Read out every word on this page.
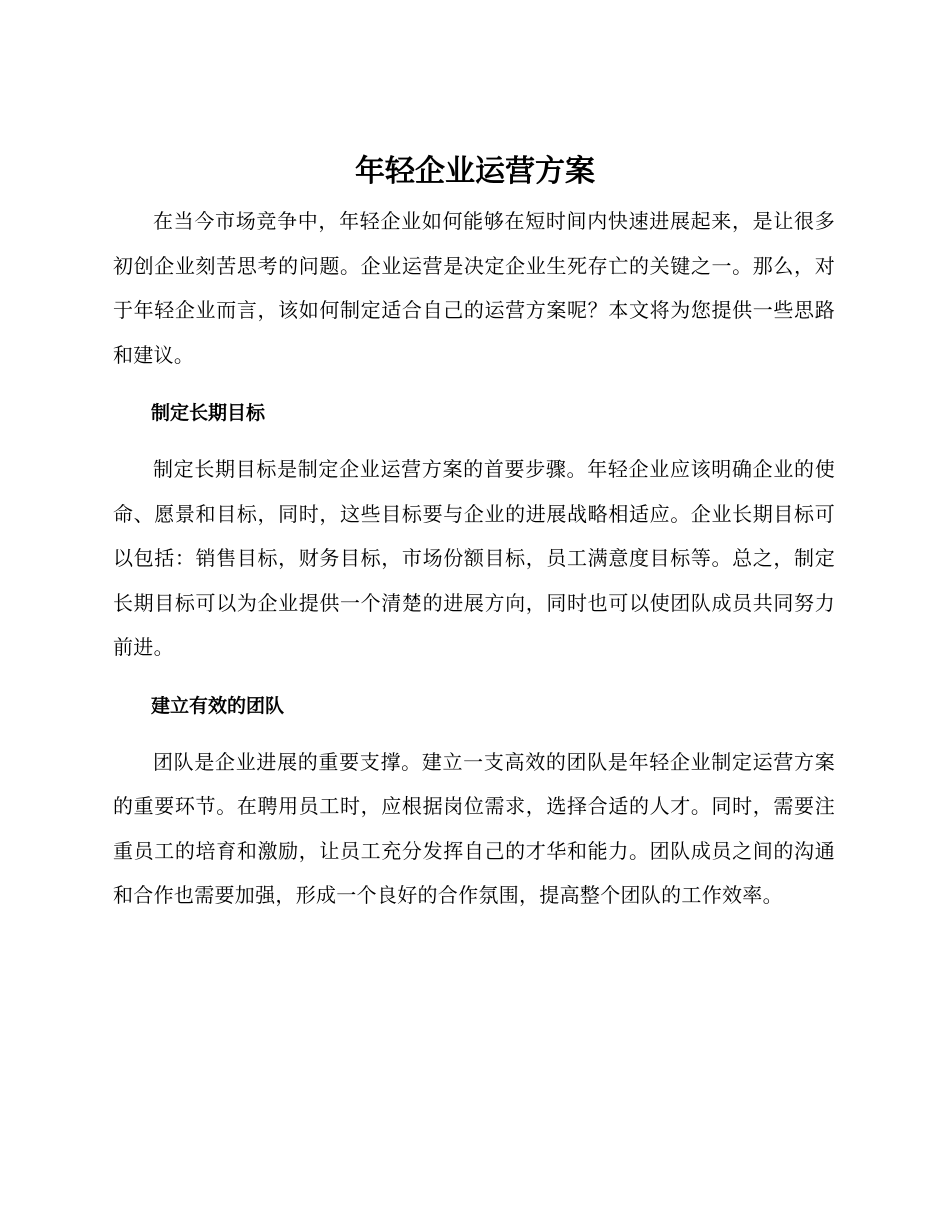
年轻企业运营方案

在当今市场竞争中，年轻企业如何能够在短时间内快速进展起来，是让很多初创企业刻苦思考的问题。企业运营是决定企业生死存亡的关键之一。那么，对于年轻企业而言，该如何制定适合自己的运营方案呢？本文将为您提供一些思路和建议。

制定长期目标

制定长期目标是制定企业运营方案的首要步骤。年轻企业应该明确企业的使命、愿景和目标，同时，这些目标要与企业的进展战略相适应。企业长期目标可以包括：销售目标，财务目标，市场份额目标，员工满意度目标等。总之，制定长期目标可以为企业提供一个清楚的进展方向，同时也可以使团队成员共同努力前进。

建立有效的团队

团队是企业进展的重要支撑。建立一支高效的团队是年轻企业制定运营方案的重要环节。在聘用员工时，应根据岗位需求，选择合适的人才。同时，需要注重员工的培育和激励，让员工充分发挥自己的才华和能力。团队成员之间的沟通和合作也需要加强，形成一个良好的合作氛围，提高整个团队的工作效率。
